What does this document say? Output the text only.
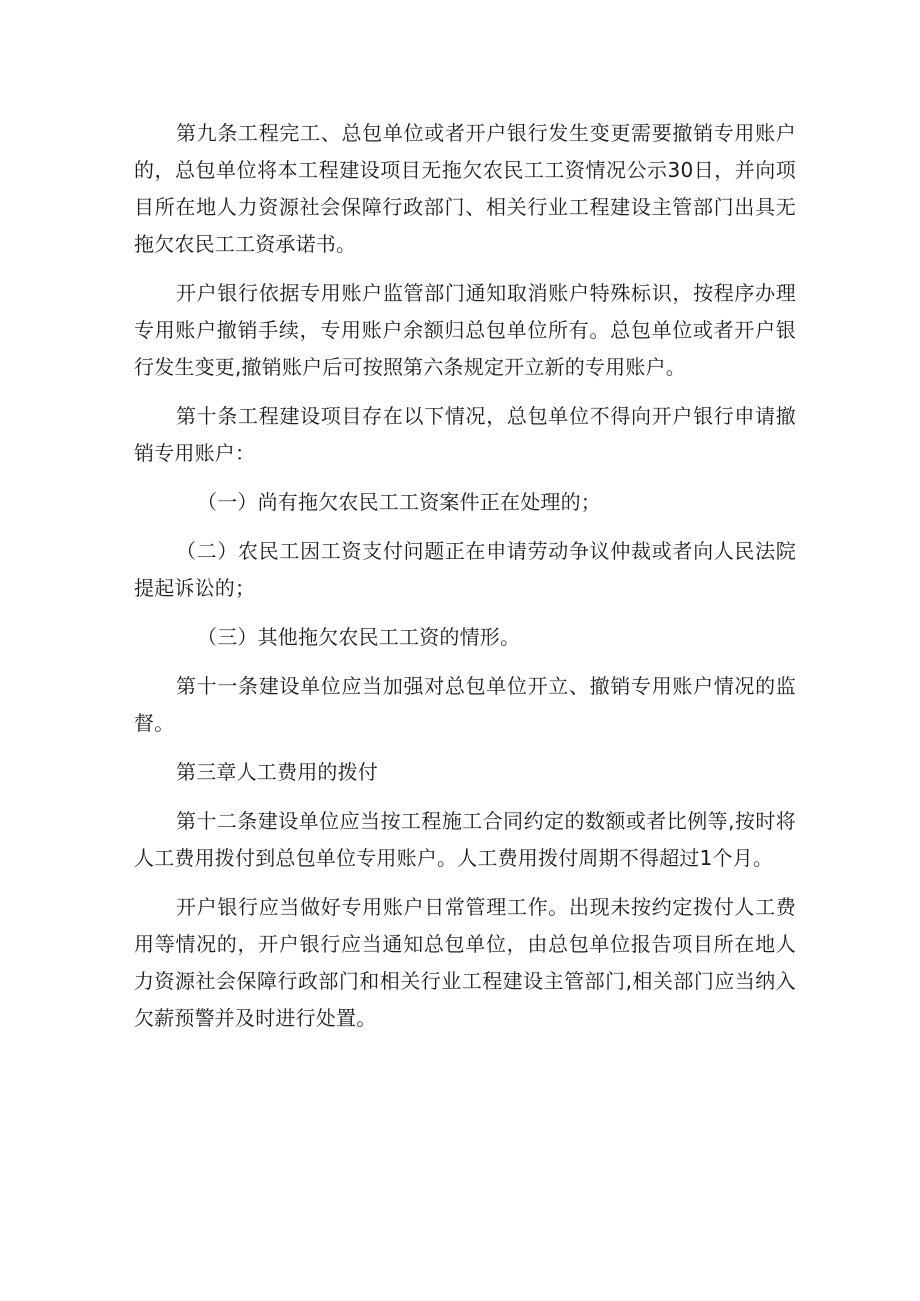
第九条工程完工、总包单位或者开户银行发生变更需要撤销专用账户的，总包单位将本工程建设项目无拖欠农民工工资情况公示30日，并向项目所在地人力资源社会保障行政部门、相关行业工程建设主管部门出具无拖欠农民工工资承诺书。

开户银行依据专用账户监管部门通知取消账户特殊标识，按程序办理专用账户撤销手续，专用账户余额归总包单位所有。总包单位或者开户银行发生变更,撤销账户后可按照第六条规定开立新的专用账户。

第十条工程建设项目存在以下情况，总包单位不得向开户银行申请撤销专用账户：

（一）尚有拖欠农民工工资案件正在处理的；

（二）农民工因工资支付问题正在申请劳动争议仲裁或者向人民法院提起诉讼的；

（三）其他拖欠农民工工资的情形。

第十一条建设单位应当加强对总包单位开立、撤销专用账户情况的监督。

第三章人工费用的拨付

第十二条建设单位应当按工程施工合同约定的数额或者比例等,按时将人工费用拨付到总包单位专用账户。人工费用拨付周期不得超过1个月。

开户银行应当做好专用账户日常管理工作。出现未按约定拨付人工费用等情况的，开户银行应当通知总包单位，由总包单位报告项目所在地人力资源社会保障行政部门和相关行业工程建设主管部门,相关部门应当纳入欠薪预警并及时进行处置。
